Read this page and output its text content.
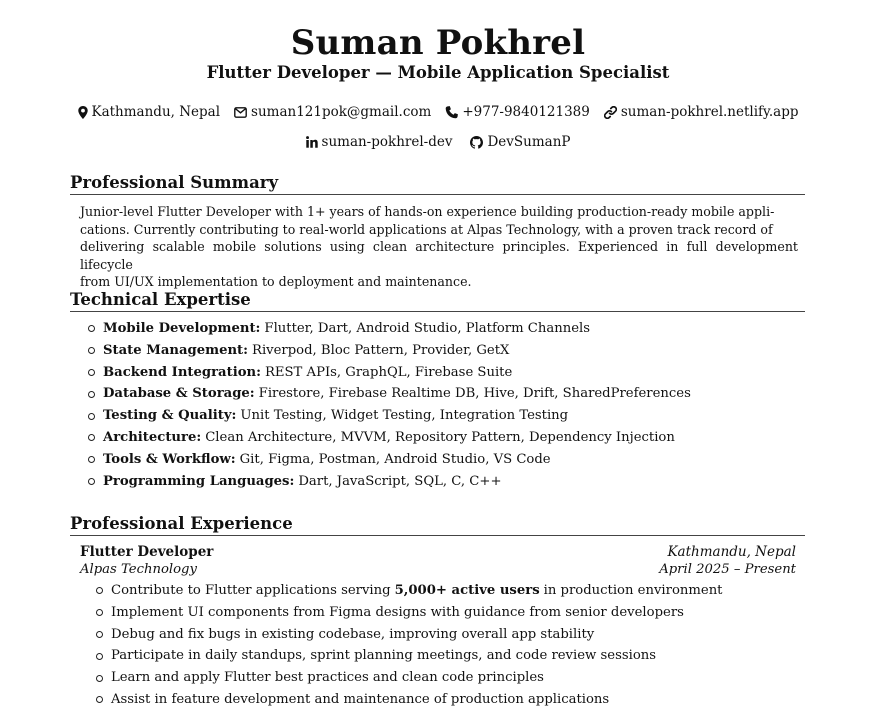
Suman Pokhrel
Flutter Developer — Mobile Application Specialist
Kathmandu, Nepal suman121pok@gmail.com +977-9840121389 suman-pokhrel.netlify.app
suman-pokhrel-dev	DevSumanP
Professional Summary
Junior-level Flutter Developer with 1+ years of hands-on experience building production-ready mobile appli-
cations. Currently contributing to real-world applications at Alpas Technology, with a proven track record of
delivering scalable mobile solutions using clean architecture principles. Experienced in full development lifecycle
from UI/UX implementation to deployment and maintenance.
Technical Expertise
Mobile Development: Flutter, Dart, Android Studio, Platform Channels
State Management: Riverpod, Bloc Pattern, Provider, GetX
Backend Integration: REST APIs, GraphQL, Firebase Suite
Database & Storage: Firestore, Firebase Realtime DB, Hive, Drift, SharedPreferences
Testing & Quality: Unit Testing, Widget Testing, Integration Testing
Architecture: Clean Architecture, MVVM, Repository Pattern, Dependency Injection
Tools & Workflow: Git, Figma, Postman, Android Studio, VS Code
Programming Languages: Dart, JavaScript, SQL, C, C++
Professional Experience
Flutter Developer	Kathmandu, Nepal
Alpas Technology	April 2025 – Present
Contribute to Flutter applications serving 5,000+ active users in production environment
Implement UI components from Figma designs with guidance from senior developers
Debug and fix bugs in existing codebase, improving overall app stability
Participate in daily standups, sprint planning meetings, and code review sessions
Learn and apply Flutter best practices and clean code principles
Assist in feature development and maintenance of production applications
